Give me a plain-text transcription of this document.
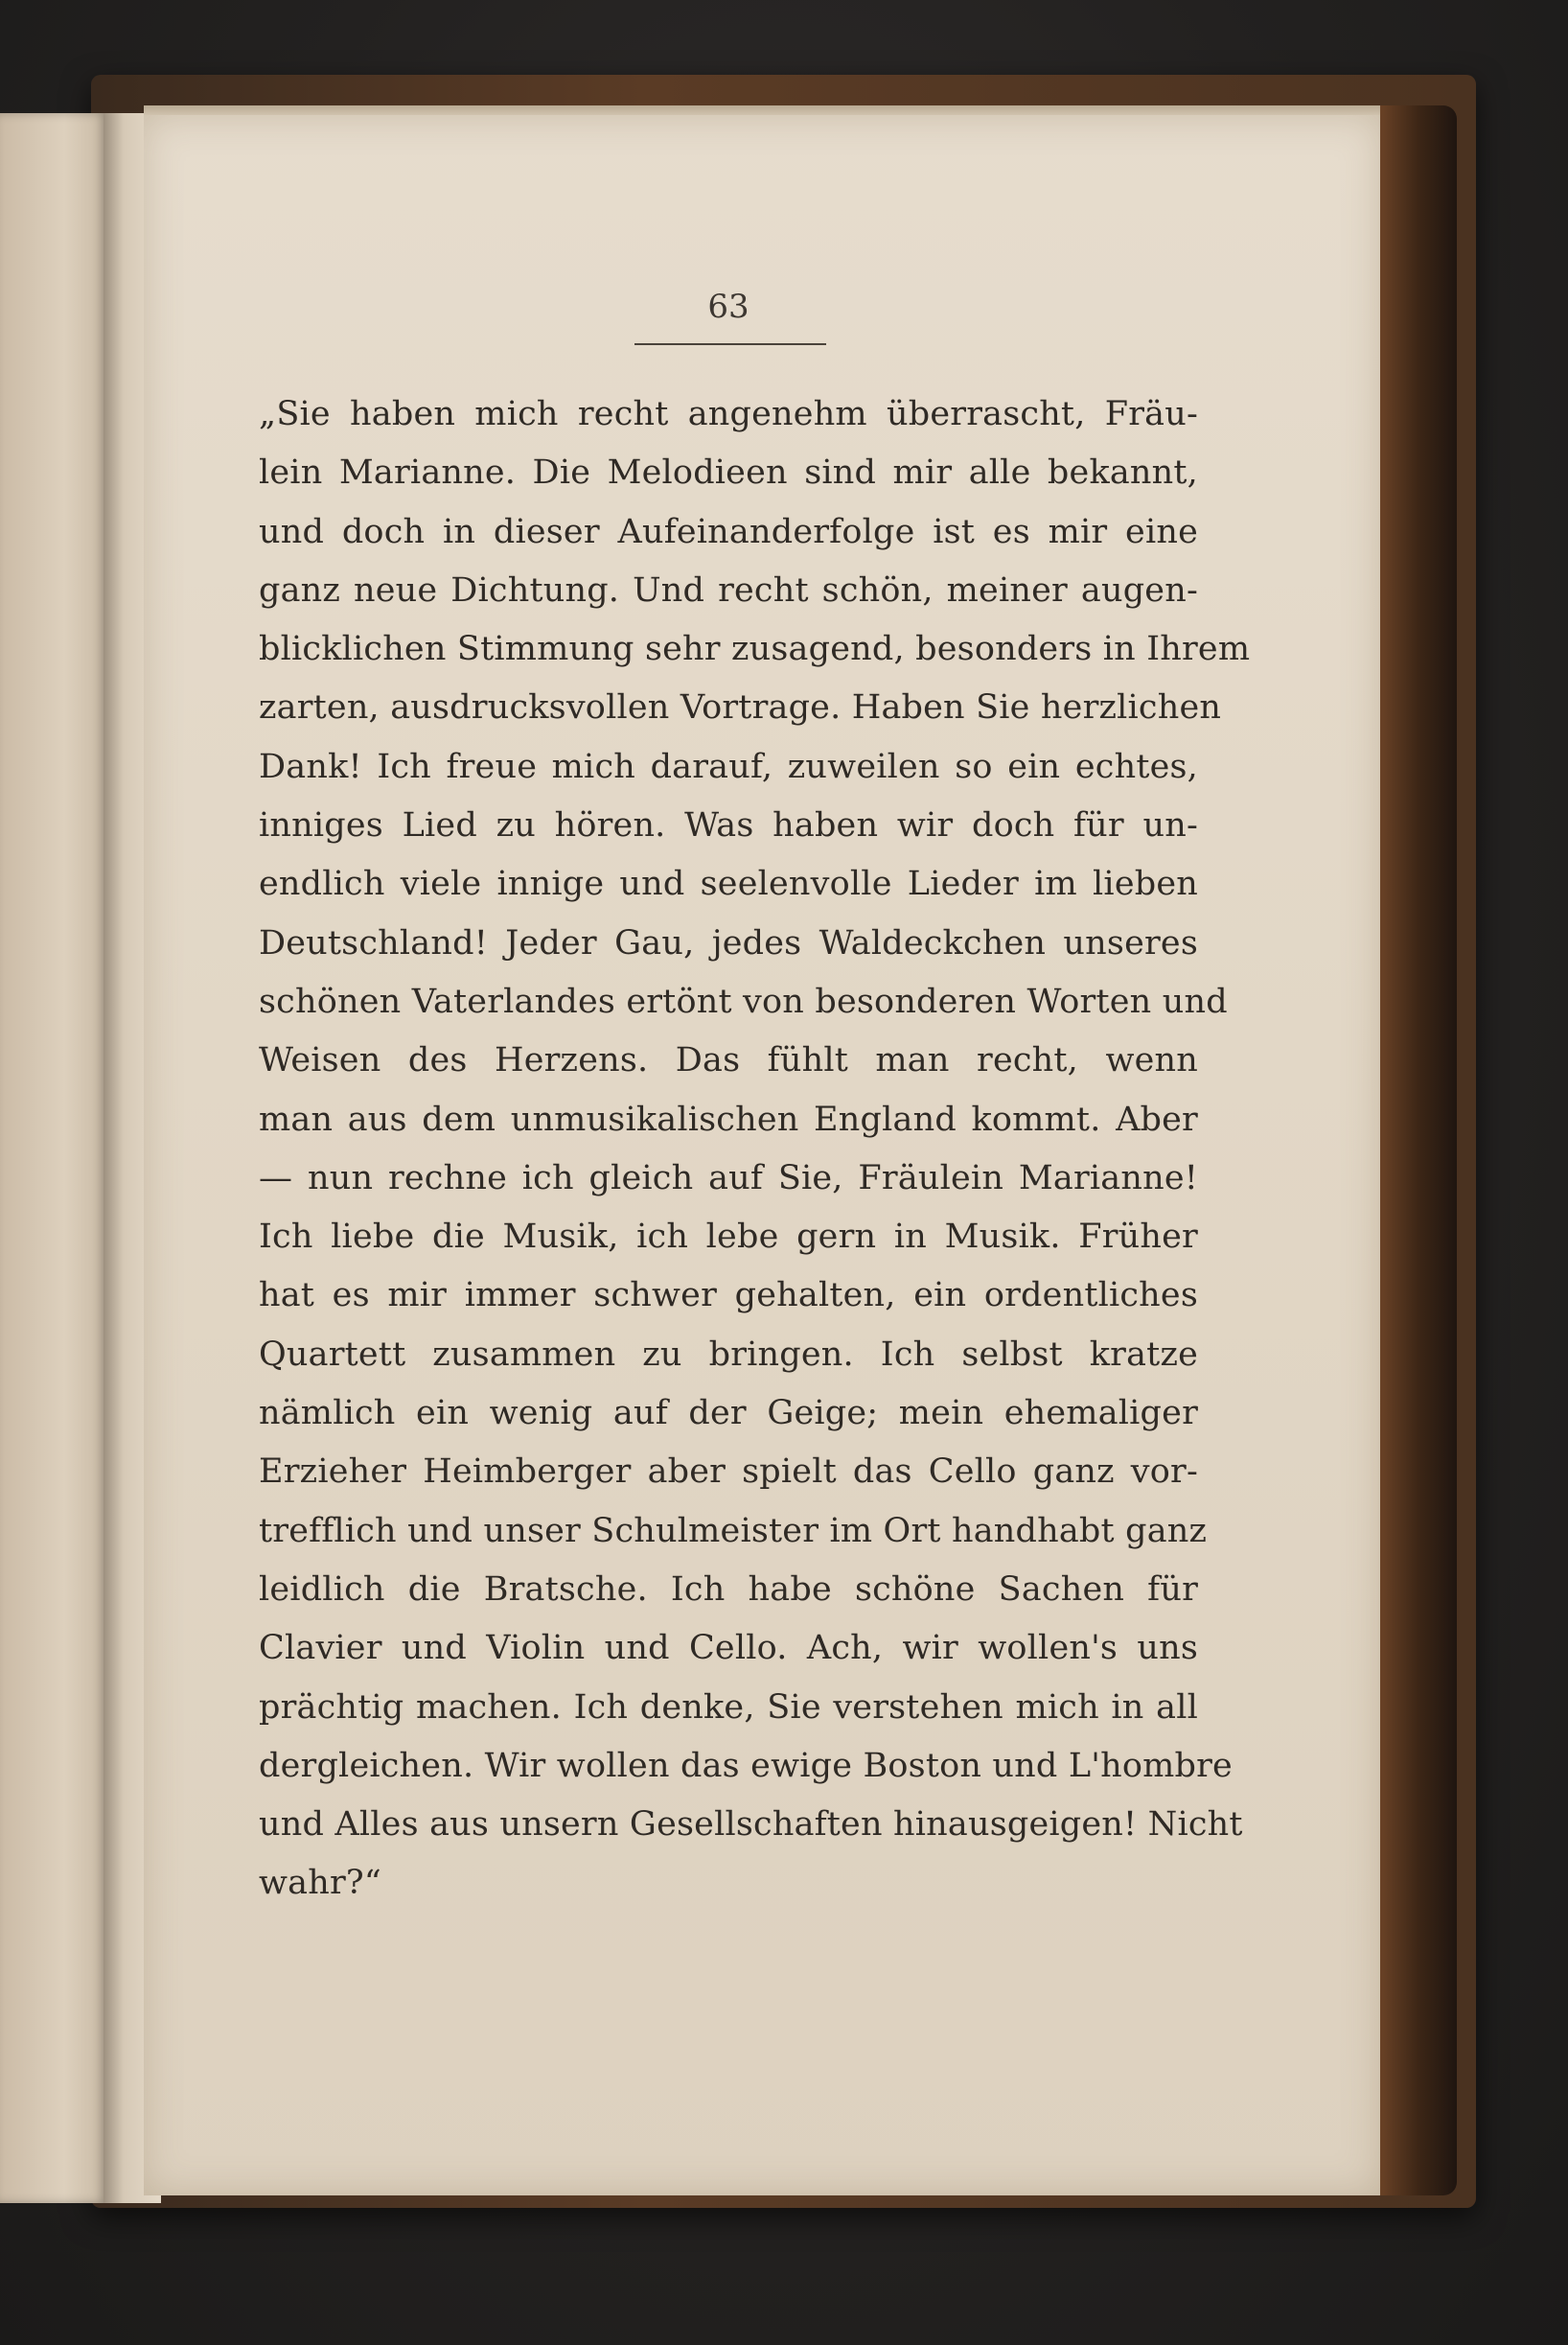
63
„Sie haben mich recht angenehm überrascht, Fräu-
lein Marianne. Die Melodieen sind mir alle bekannt,
und doch in dieser Aufeinanderfolge ist es mir eine
ganz neue Dichtung. Und recht schön, meiner augen-
blicklichen Stimmung sehr zusagend, besonders in Ihrem
zarten, ausdrucksvollen Vortrage. Haben Sie herzlichen
Dank! Ich freue mich darauf, zuweilen so ein echtes,
inniges Lied zu hören. Was haben wir doch für un-
endlich viele innige und seelenvolle Lieder im lieben
Deutschland! Jeder Gau, jedes Waldeckchen unseres
schönen Vaterlandes ertönt von besonderen Worten und
Weisen des Herzens. Das fühlt man recht, wenn
man aus dem unmusikalischen England kommt. Aber
— nun rechne ich gleich auf Sie, Fräulein Marianne!
Ich liebe die Musik, ich lebe gern in Musik. Früher
hat es mir immer schwer gehalten, ein ordentliches
Quartett zusammen zu bringen. Ich selbst kratze
nämlich ein wenig auf der Geige; mein ehemaliger
Erzieher Heimberger aber spielt das Cello ganz vor-
trefflich und unser Schulmeister im Ort handhabt ganz
leidlich die Bratsche. Ich habe schöne Sachen für
Clavier und Violin und Cello. Ach, wir wollen's uns
prächtig machen. Ich denke, Sie verstehen mich in all
dergleichen. Wir wollen das ewige Boston und L'hombre
und Alles aus unsern Gesellschaften hinausgeigen! Nicht
wahr?“
